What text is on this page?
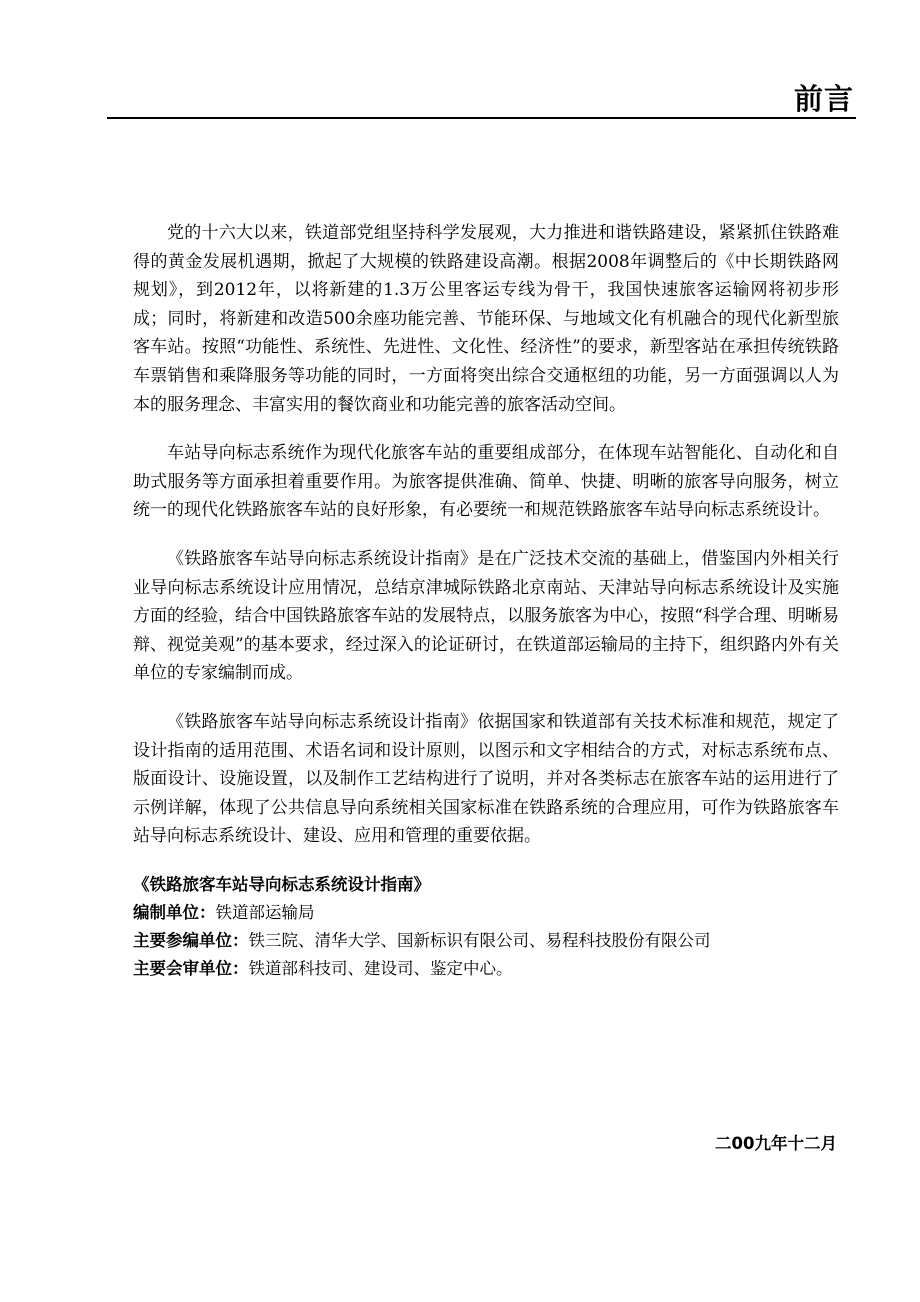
前言

党的十六大以来，铁道部党组坚持科学发展观，大力推进和谐铁路建设，紧紧抓住铁路难得的黄金发展机遇期，掀起了大规模的铁路建设高潮。根据2008年调整后的《中长期铁路网规划》，到2012年，以将新建的1.3万公里客运专线为骨干，我国快速旅客运输网将初步形成；同时，将新建和改造500余座功能完善、节能环保、与地域文化有机融合的现代化新型旅客车站。按照“功能性、系统性、先进性、文化性、经济性”的要求，新型客站在承担传统铁路车票销售和乘降服务等功能的同时，一方面将突出综合交通枢纽的功能，另一方面强调以人为本的服务理念、丰富实用的餐饮商业和功能完善的旅客活动空间。

车站导向标志系统作为现代化旅客车站的重要组成部分，在体现车站智能化、自动化和自助式服务等方面承担着重要作用。为旅客提供准确、简单、快捷、明晰的旅客导向服务，树立统一的现代化铁路旅客车站的良好形象，有必要统一和规范铁路旅客车站导向标志系统设计。

《铁路旅客车站导向标志系统设计指南》是在广泛技术交流的基础上，借鉴国内外相关行业导向标志系统设计应用情况，总结京津城际铁路北京南站、天津站导向标志系统设计及实施方面的经验，结合中国铁路旅客车站的发展特点，以服务旅客为中心，按照“科学合理、明晰易辩、视觉美观”的基本要求，经过深入的论证研讨，在铁道部运输局的主持下，组织路内外有关单位的专家编制而成。

《铁路旅客车站导向标志系统设计指南》依据国家和铁道部有关技术标准和规范，规定了设计指南的适用范围、术语名词和设计原则，以图示和文字相结合的方式，对标志系统布点、版面设计、设施设置，以及制作工艺结构进行了说明，并对各类标志在旅客车站的运用进行了示例详解，体现了公共信息导向系统相关国家标准在铁路系统的合理应用，可作为铁路旅客车站导向标志系统设计、建设、应用和管理的重要依据。

《铁路旅客车站导向标志系统设计指南》
编制单位：铁道部运输局
主要参编单位：铁三院、清华大学、国新标识有限公司、易程科技股份有限公司
主要会审单位：铁道部科技司、建设司、鉴定中心。
二00九年十二月
